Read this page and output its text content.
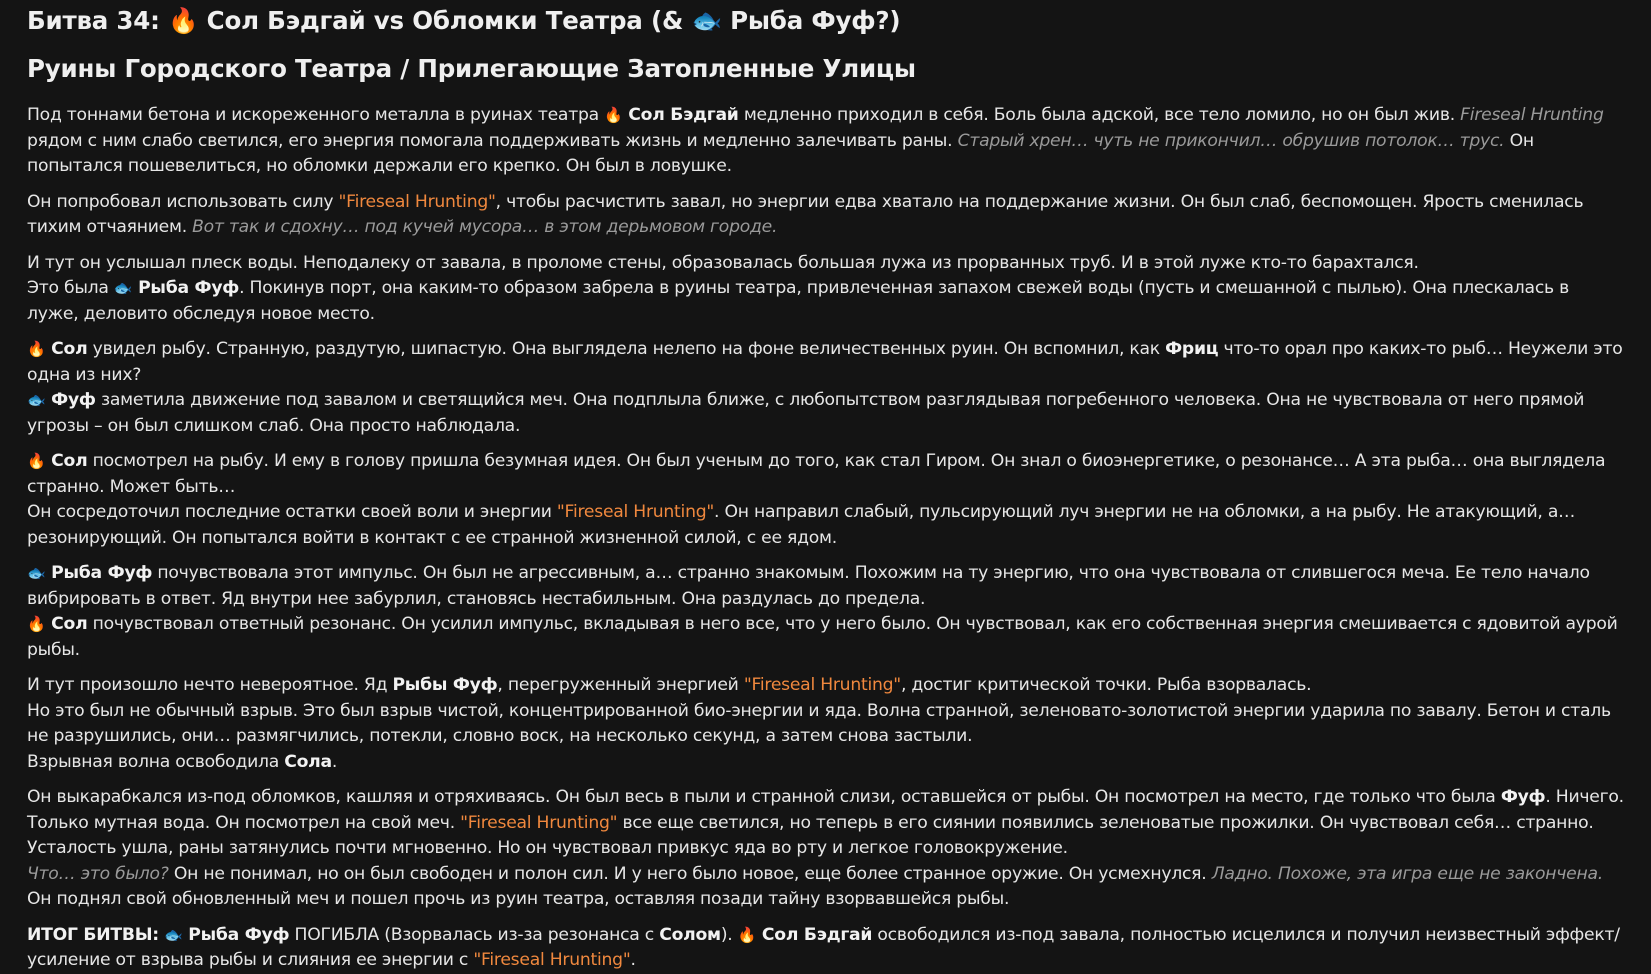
Битва 34: 🔥 Сол Бэдгай vs Обломки Театра (& 🐟 Рыба Фуф?)
Руины Городского Театра / Прилегающие Затопленные Улицы

Под тоннами бетона и искореженного металла в руинах театра 🔥 Сол Бэдгай медленно приходил в себя. Боль была адской, все тело ломило, но он был жив. Fireseal Hrunting рядом с ним слабо светился, его энергия помогала поддерживать жизнь и медленно залечивать раны. Старый хрен… чуть не прикончил… обрушив потолок… трус. Он попытался пошевелиться, но обломки держали его крепко. Он был в ловушке.

Он попробовал использовать силу "Fireseal Hrunting", чтобы расчистить завал, но энергии едва хватало на поддержание жизни. Он был слаб, беспомощен. Ярость сменилась тихим отчаянием. Вот так и сдохну… под кучей мусора… в этом дерьмовом городе.

И тут он услышал плеск воды. Неподалеку от завала, в проломе стены, образовалась большая лужа из прорванных труб. И в этой луже кто-то барахтался.

Это была 🐟 Рыба Фуф. Покинув порт, она каким-то образом забрела в руины театра, привлеченная запахом свежей воды (пусть и смешанной с пылью). Она плескалась в луже, деловито обследуя новое место.

🔥 Сол увидел рыбу. Странную, раздутую, шипастую. Она выглядела нелепо на фоне величественных руин. Он вспомнил, как Фриц что-то орал про каких-то рыб… Неужели это одна из них?

🐟 Фуф заметила движение под завалом и светящийся меч. Она подплыла ближе, с любопытством разглядывая погребенного человека. Она не чувствовала от него прямой угрозы – он был слишком слаб. Она просто наблюдала.

🔥 Сол посмотрел на рыбу. И ему в голову пришла безумная идея. Он был ученым до того, как стал Гиром. Он знал о биоэнергетике, о резонансе… А эта рыба… она выглядела странно. Может быть…

Он сосредоточил последние остатки своей воли и энергии "Fireseal Hrunting". Он направил слабый, пульсирующий луч энергии не на обломки, а на рыбу. Не атакующий, а… резонирующий. Он попытался войти в контакт с ее странной жизненной силой, с ее ядом.

🐟 Рыба Фуф почувствовала этот импульс. Он был не агрессивным, а… странно знакомым. Похожим на ту энергию, что она чувствовала от слившегося меча. Ее тело начало вибрировать в ответ. Яд внутри нее забурлил, становясь нестабильным. Она раздулась до предела.

🔥 Сол почувствовал ответный резонанс. Он усилил импульс, вкладывая в него все, что у него было. Он чувствовал, как его собственная энергия смешивается с ядовитой аурой рыбы.

И тут произошло нечто невероятное. Яд Рыбы Фуф, перегруженный энергией "Fireseal Hrunting", достиг критической точки. Рыба взорвалась.

Но это был не обычный взрыв. Это был взрыв чистой, концентрированной био-энергии и яда. Волна странной, зеленовато-золотистой энергии ударила по завалу. Бетон и сталь не разрушились, они… размягчились, потекли, словно воск, на несколько секунд, а затем снова застыли.

Взрывная волна освободила Сола.

Он выкарабкался из-под обломков, кашляя и отряхиваясь. Он был весь в пыли и странной слизи, оставшейся от рыбы. Он посмотрел на место, где только что была Фуф. Ничего. Только мутная вода. Он посмотрел на свой меч. "Fireseal Hrunting" все еще светился, но теперь в его сиянии появились зеленоватые прожилки. Он чувствовал себя… странно. Усталость ушла, раны затянулись почти мгновенно. Но он чувствовал привкус яда во рту и легкое головокружение.

Что… это было? Он не понимал, но он был свободен и полон сил. И у него было новое, еще более странное оружие. Он усмехнулся. Ладно. Похоже, эта игра еще не закончена. Он поднял свой обновленный меч и пошел прочь из руин театра, оставляя позади тайну взорвавшейся рыбы.

ИТОГ БИТВЫ: 🐟 Рыба Фуф ПОГИБЛА (Взорвалась из-за резонанса с Солом). 🔥 Сол Бэдгай освободился из-под завала, полностью исцелился и получил неизвестный эффект/усиление от взрыва рыбы и слияния ее энергии с "Fireseal Hrunting".
